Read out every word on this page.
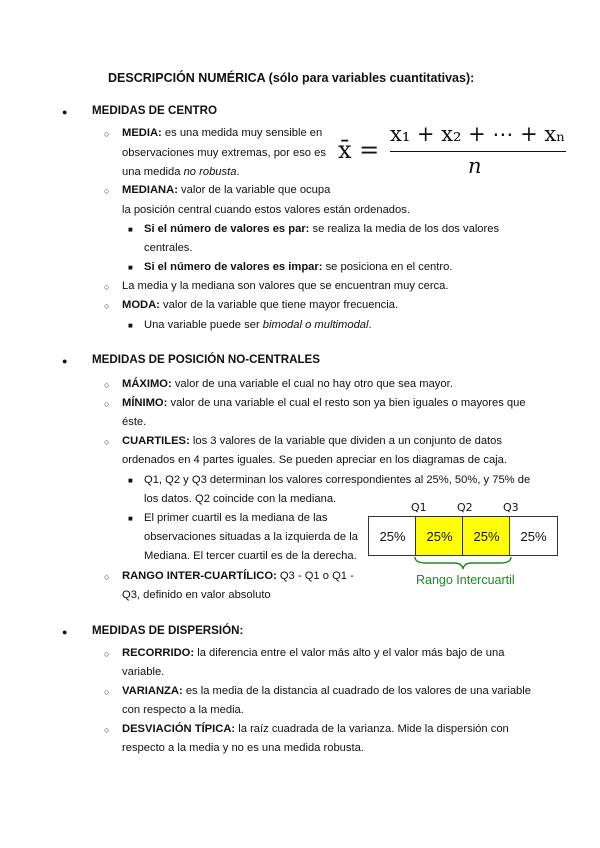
DESCRIPCIÓN NUMÉRICA (sólo para variables cuantitativas):
● MEDIDAS DE CENTRO
○ MEDIA: es una medida muy sensible en
observaciones muy extremas, por eso es
una medida no robusta.
○ MEDIANA: valor de la variable que ocupa
la posición central cuando estos valores están ordenados.
■ Si el número de valores es par: se realiza la media de los dos valores
centrales.
■ Si el número de valores es impar: se posiciona en el centro.
○ La media y la mediana son valores que se encuentran muy cerca.
○ MODA: valor de la variable que tiene mayor frecuencia.
■ Una variable puede ser bimodal o multimodal.
x̄ =
x₁ + x₂ + ⋯ + xₙ
n
● MEDIDAS DE POSICIÓN NO-CENTRALES
○ MÁXIMO: valor de una variable el cual no hay otro que sea mayor.
○ MÍNIMO: valor de una variable el cual el resto son ya bien iguales o mayores que
éste.
○ CUARTILES: los 3 valores de la variable que dividen a un conjunto de datos
ordenados en 4 partes iguales. Se pueden apreciar en los diagramas de caja.
■ Q1, Q2 y Q3 determinan los valores correspondientes al 25%, 50%, y 75% de
los datos. Q2 coincide con la mediana.
■ El primer cuartil es la mediana de las
observaciones situadas a la izquierda de la
Mediana. El tercer cuartil es de la derecha.
○ RANGO INTER-CUARTÍLICO: Q3 - Q1 o Q1 -
Q3, definido en valor absoluto
Q1	Q2	Q3
25%	25%	25%	25%
Rango Intercuartil
● MEDIDAS DE DISPERSIÓN:
○ RECORRIDO: la diferencia entre el valor más alto y el valor más bajo de una
variable.
○ VARIANZA: es la media de la distancia al cuadrado de los valores de una variable
con respecto a la media.
○ DESVIACIÓN TÍPICA: la raíz cuadrada de la varianza. Mide la dispersión con
respecto a la media y no es una medida robusta.
